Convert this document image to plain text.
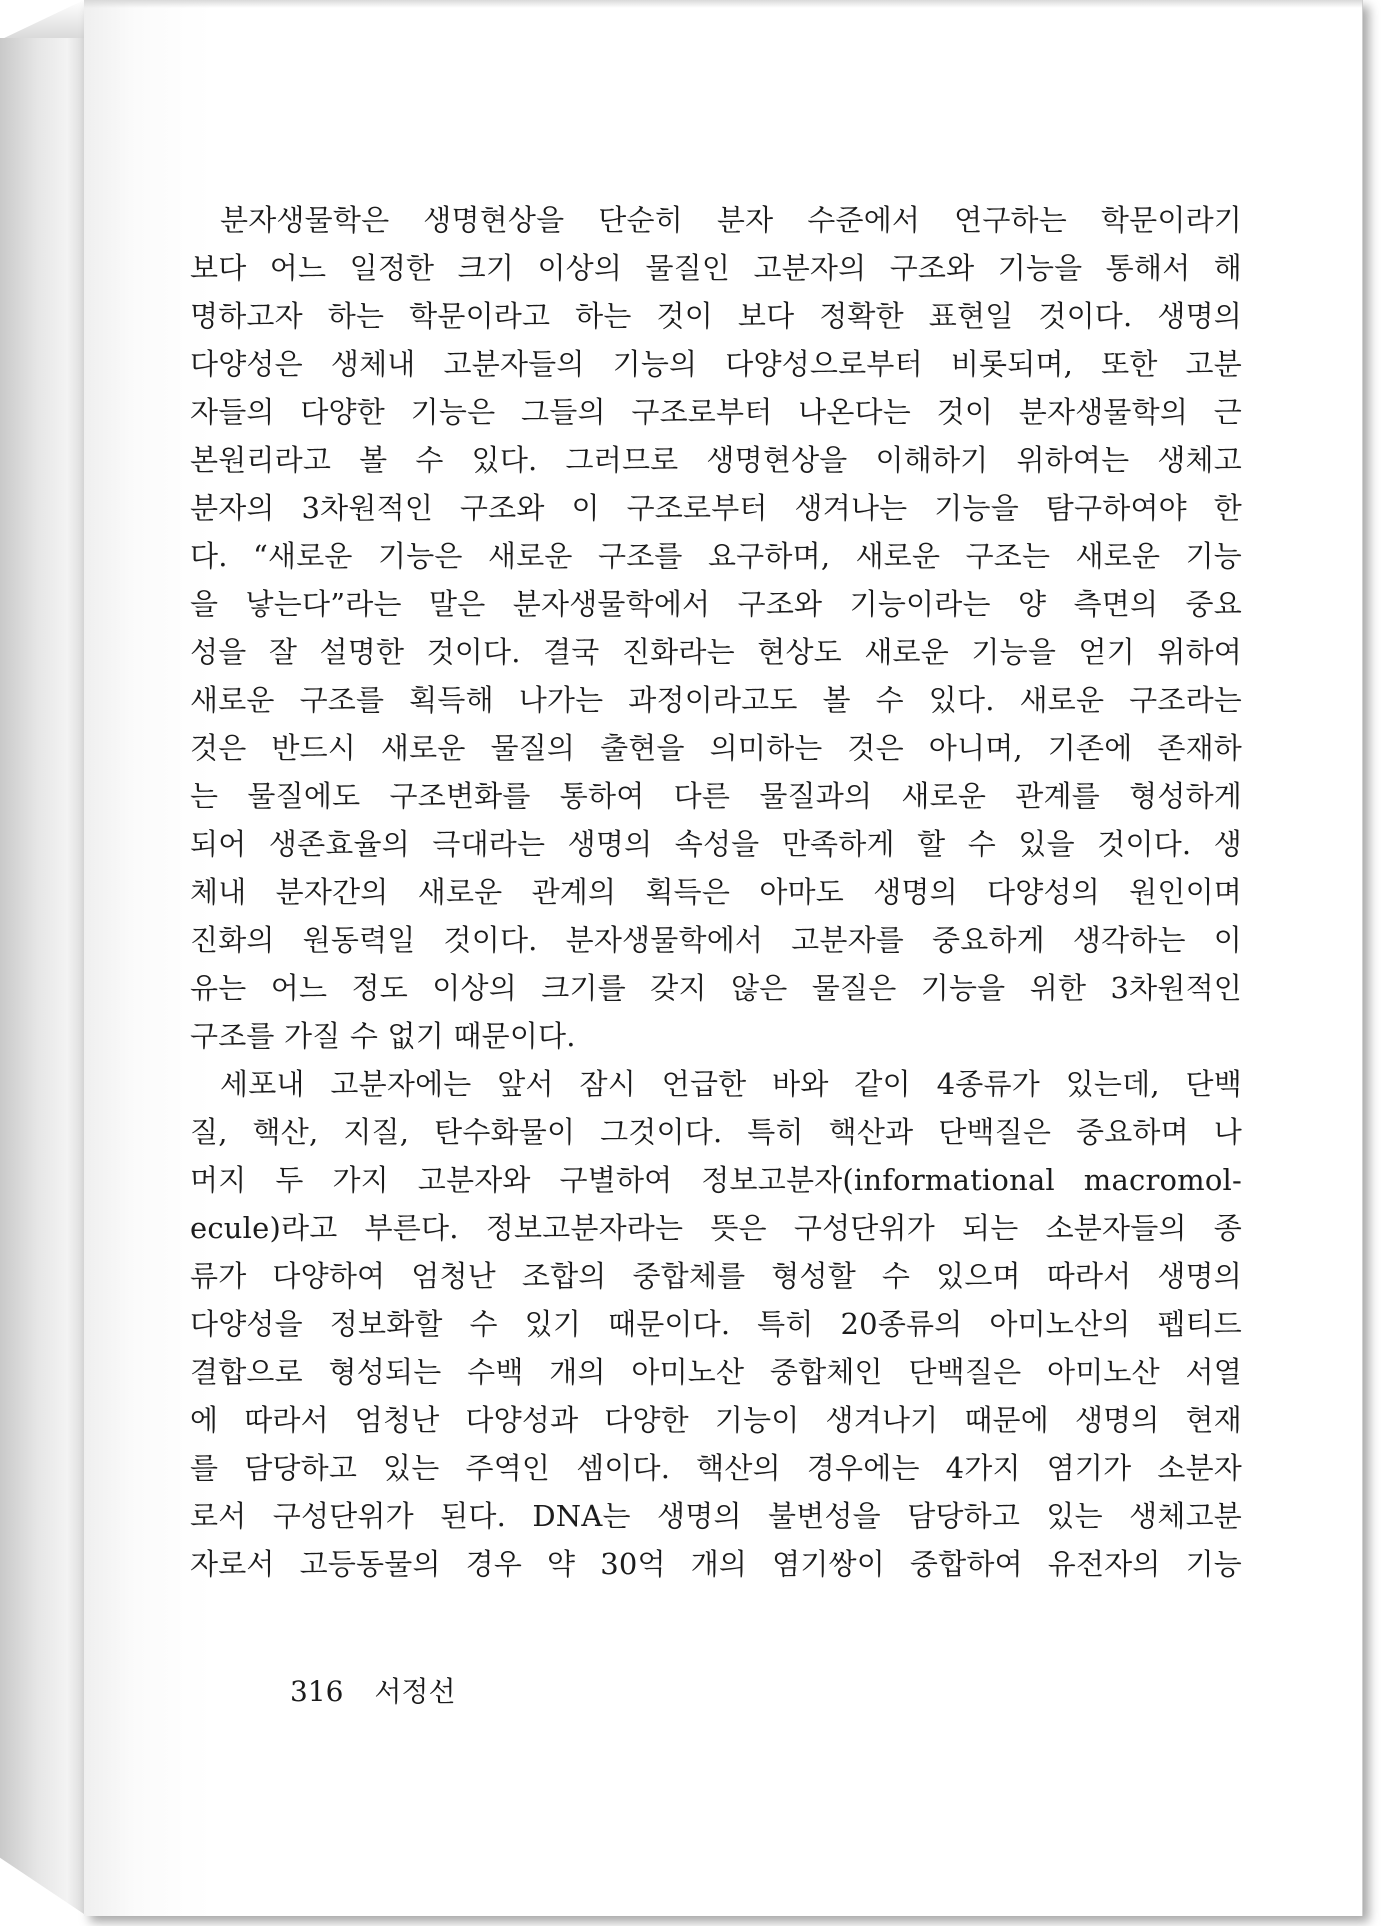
분자생물학은 생명현상을 단순히 분자 수준에서 연구하는 학문이라기
보다 어느 일정한 크기 이상의 물질인 고분자의 구조와 기능을 통해서 해
명하고자 하는 학문이라고 하는 것이 보다 정확한 표현일 것이다. 생명의
다양성은 생체내 고분자들의 기능의 다양성으로부터 비롯되며, 또한 고분
자들의 다양한 기능은 그들의 구조로부터 나온다는 것이 분자생물학의 근
본원리라고 볼 수 있다. 그러므로 생명현상을 이해하기 위하여는 생체고
분자의 3차원적인 구조와 이 구조로부터 생겨나는 기능을 탐구하여야 한
다. “새로운 기능은 새로운 구조를 요구하며, 새로운 구조는 새로운 기능
을 낳는다”라는 말은 분자생물학에서 구조와 기능이라는 양 측면의 중요
성을 잘 설명한 것이다. 결국 진화라는 현상도 새로운 기능을 얻기 위하여
새로운 구조를 획득해 나가는 과정이라고도 볼 수 있다. 새로운 구조라는
것은 반드시 새로운 물질의 출현을 의미하는 것은 아니며, 기존에 존재하
는 물질에도 구조변화를 통하여 다른 물질과의 새로운 관계를 형성하게
되어 생존효율의 극대라는 생명의 속성을 만족하게 할 수 있을 것이다. 생
체내 분자간의 새로운 관계의 획득은 아마도 생명의 다양성의 원인이며
진화의 원동력일 것이다. 분자생물학에서 고분자를 중요하게 생각하는 이
유는 어느 정도 이상의 크기를 갖지 않은 물질은 기능을 위한 3차원적인
구조를 가질 수 없기 때문이다.
세포내 고분자에는 앞서 잠시 언급한 바와 같이 4종류가 있는데, 단백
질, 핵산, 지질, 탄수화물이 그것이다. 특히 핵산과 단백질은 중요하며 나
머지 두 가지 고분자와 구별하여 정보고분자(informational macromol-
ecule)라고 부른다. 정보고분자라는 뜻은 구성단위가 되는 소분자들의 종
류가 다양하여 엄청난 조합의 중합체를 형성할 수 있으며 따라서 생명의
다양성을 정보화할 수 있기 때문이다. 특히 20종류의 아미노산의 펩티드
결합으로 형성되는 수백 개의 아미노산 중합체인 단백질은 아미노산 서열
에 따라서 엄청난 다양성과 다양한 기능이 생겨나기 때문에 생명의 현재
를 담당하고 있는 주역인 셈이다. 핵산의 경우에는 4가지 염기가 소분자
로서 구성단위가 된다. DNA는 생명의 불변성을 담당하고 있는 생체고분
자로서 고등동물의 경우 약 30억 개의 염기쌍이 중합하여 유전자의 기능
316 서정선
